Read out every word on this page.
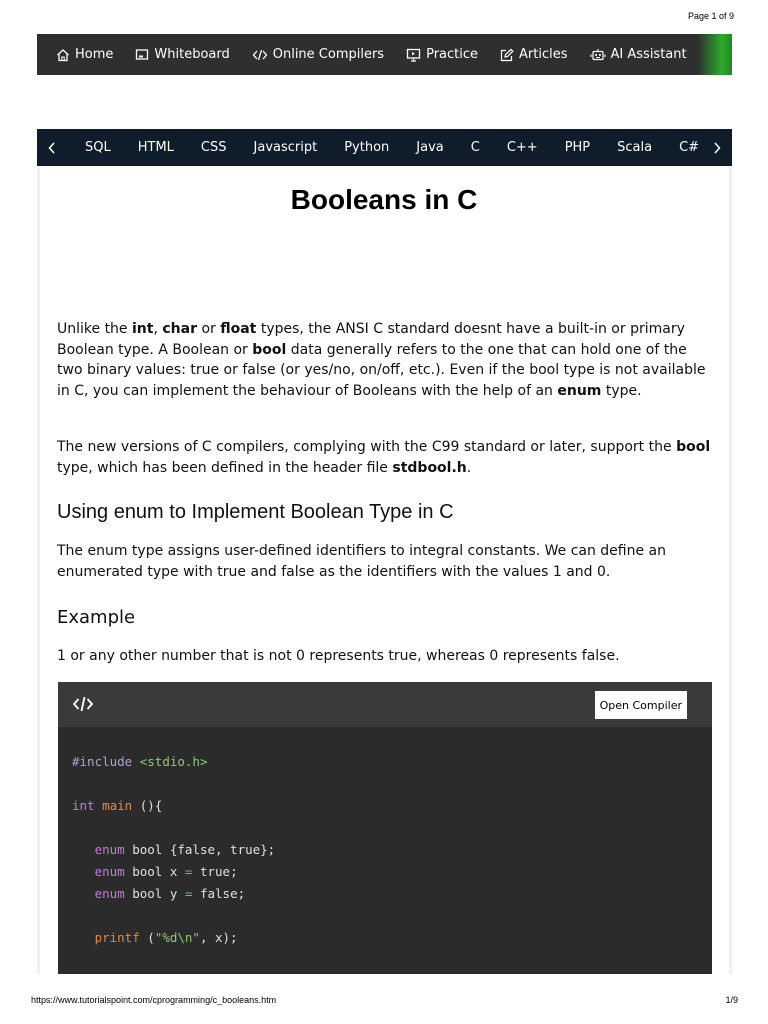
Page 1 of 9
Home	Whiteboard	Online Compilers	Practice	Articles	AI Assistant
SQL HTML CSS Javascript Python Java C C++ PHP Scala C#
Booleans in C

Unlike the int, char or float types, the ANSI C standard doesnt have a built-in or primary Boolean type. A Boolean or bool data generally refers to the one that can hold one of the two binary values: true or false (or yes/no, on/off, etc.). Even if the bool type is not available in C, you can implement the behaviour of Booleans with the help of an enum type.

The new versions of C compilers, complying with the C99 standard or later, support the bool type, which has been defined in the header file stdbool.h.

Using enum to Implement Boolean Type in C

The enum type assigns user-defined identifiers to integral constants. We can define an enumerated type with true and false as the identifiers with the values 1 and 0.

Example

1 or any other number that is not 0 represents true, whereas 0 represents false.

Open Compiler
#include <stdio.h>
int main (){
enum bool {false, true};
enum bool x = true;
enum bool y = false;
printf ("%d\n", x);
https://www.tutorialspoint.com/cprogramming/c_booleans.htm	1/9
